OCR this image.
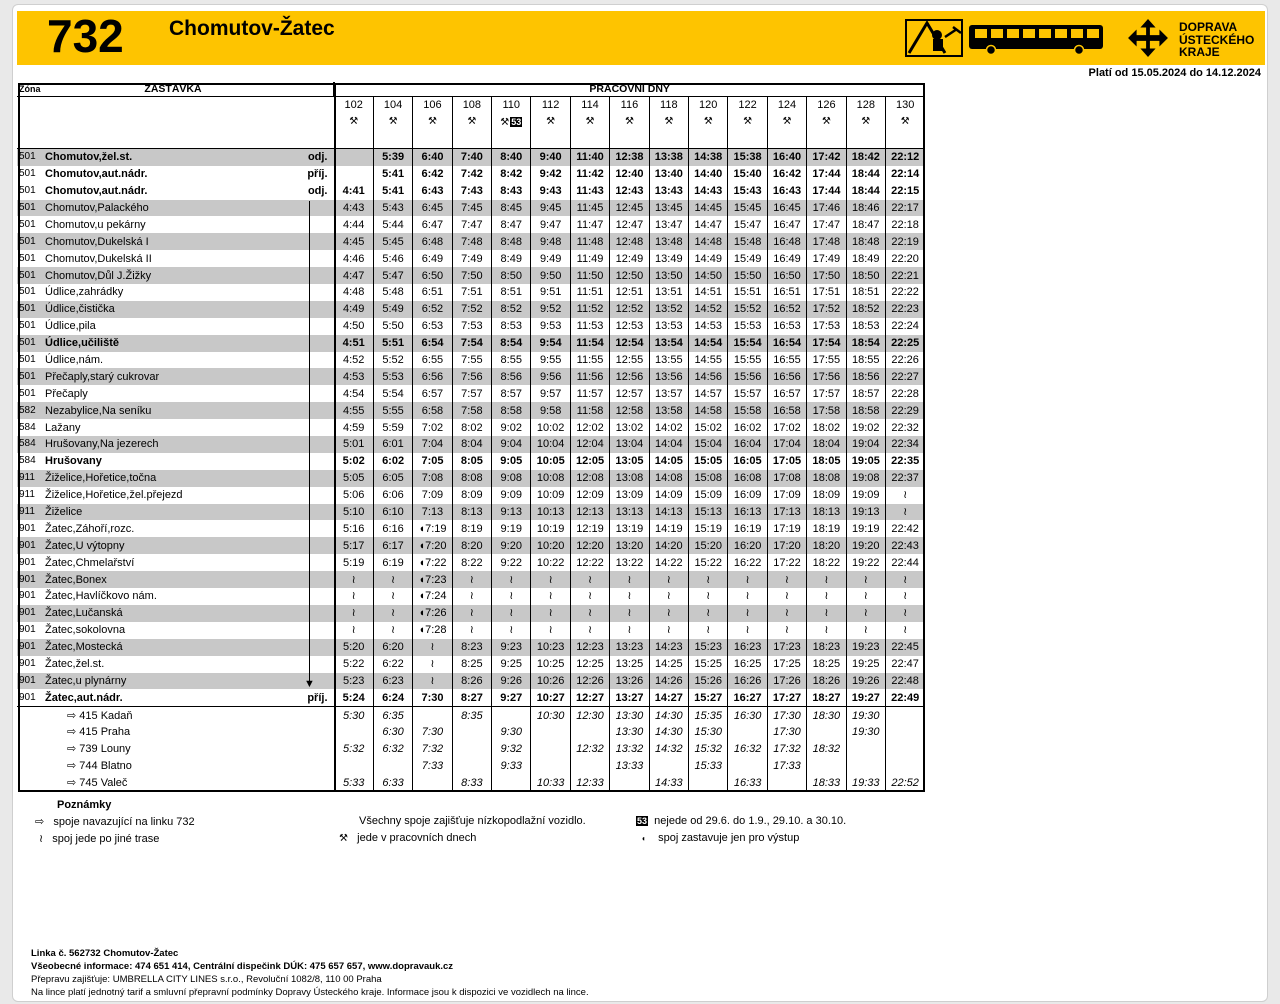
732 Chomutov-Žatec	DOPRAVA
ÚSTECKÉHO
KRAJE
Platí od 15.05.2024 do 14.12.2024
Zóna	ZASTÁVKA		PRACOVNÍ DNY														
			102	104	106	108	110	112	114	116	118	120	122	124	126	128	130
			⚒	⚒	⚒	⚒	⚒ 53	⚒	⚒	⚒	⚒	⚒	⚒	⚒	⚒	⚒	⚒
501	Chomutov,žel.st.	odj.		5:39	6:40	7:40	8:40	9:40	11:40	12:38	13:38	14:38	15:38	16:40	17:42	18:42	22:12
501	Chomutov,aut.nádr.	příj.		5:41	6:42	7:42	8:42	9:42	11:42	12:40	13:40	14:40	15:40	16:42	17:44	18:44	22:14
501	Chomutov,aut.nádr.	odj.	4:41	5:41	6:43	7:43	8:43	9:43	11:43	12:43	13:43	14:43	15:43	16:43	17:44	18:44	22:15
501	Chomutov,Palackého		4:43	5:43	6:45	7:45	8:45	9:45	11:45	12:45	13:45	14:45	15:45	16:45	17:46	18:46	22:17
501	Chomutov,u pekárny		4:44	5:44	6:47	7:47	8:47	9:47	11:47	12:47	13:47	14:47	15:47	16:47	17:47	18:47	22:18
501	Chomutov,Dukelská I		4:45	5:45	6:48	7:48	8:48	9:48	11:48	12:48	13:48	14:48	15:48	16:48	17:48	18:48	22:19
501	Chomutov,Dukelská II		4:46	5:46	6:49	7:49	8:49	9:49	11:49	12:49	13:49	14:49	15:49	16:49	17:49	18:49	22:20
501	Chomutov,Důl J.Žižky		4:47	5:47	6:50	7:50	8:50	9:50	11:50	12:50	13:50	14:50	15:50	16:50	17:50	18:50	22:21
501	Údlice,zahrádky		4:48	5:48	6:51	7:51	8:51	9:51	11:51	12:51	13:51	14:51	15:51	16:51	17:51	18:51	22:22
501	Údlice,čistička		4:49	5:49	6:52	7:52	8:52	9:52	11:52	12:52	13:52	14:52	15:52	16:52	17:52	18:52	22:23
501	Údlice,pila		4:50	5:50	6:53	7:53	8:53	9:53	11:53	12:53	13:53	14:53	15:53	16:53	17:53	18:53	22:24
501	Údlice,učiliště		4:51	5:51	6:54	7:54	8:54	9:54	11:54	12:54	13:54	14:54	15:54	16:54	17:54	18:54	22:25
501	Údlice,nám.		4:52	5:52	6:55	7:55	8:55	9:55	11:55	12:55	13:55	14:55	15:55	16:55	17:55	18:55	22:26
501	Přečaply,starý cukrovar		4:53	5:53	6:56	7:56	8:56	9:56	11:56	12:56	13:56	14:56	15:56	16:56	17:56	18:56	22:27
501	Přečaply		4:54	5:54	6:57	7:57	8:57	9:57	11:57	12:57	13:57	14:57	15:57	16:57	17:57	18:57	22:28
582	Nezabylice,Na seníku		4:55	5:55	6:58	7:58	8:58	9:58	11:58	12:58	13:58	14:58	15:58	16:58	17:58	18:58	22:29
584	Lažany		4:59	5:59	7:02	8:02	9:02	10:02	12:02	13:02	14:02	15:02	16:02	17:02	18:02	19:02	22:32
584	Hrušovany,Na jezerech		5:01	6:01	7:04	8:04	9:04	10:04	12:04	13:04	14:04	15:04	16:04	17:04	18:04	19:04	22:34
584	Hrušovany		5:02	6:02	7:05	8:05	9:05	10:05	12:05	13:05	14:05	15:05	16:05	17:05	18:05	19:05	22:35
911	Žiželice,Hořetice,točna		5:05	6:05	7:08	8:08	9:08	10:08	12:08	13:08	14:08	15:08	16:08	17:08	18:08	19:08	22:37
911	Žiželice,Hořetice,žel.přejezd		5:06	6:06	7:09	8:09	9:09	10:09	12:09	13:09	14:09	15:09	16:09	17:09	18:09	19:09	≀
911	Žiželice		5:10	6:10	7:13	8:13	9:13	10:13	12:13	13:13	14:13	15:13	16:13	17:13	18:13	19:13	≀
901	Žatec,Záhoří,rozc.		5:16	6:16	◖7:19	8:19	9:19	10:19	12:19	13:19	14:19	15:19	16:19	17:19	18:19	19:19	22:42
901	Žatec,U výtopny		5:17	6:17	◖7:20	8:20	9:20	10:20	12:20	13:20	14:20	15:20	16:20	17:20	18:20	19:20	22:43
901	Žatec,Chmelařství		5:19	6:19	◖7:22	8:22	9:22	10:22	12:22	13:22	14:22	15:22	16:22	17:22	18:22	19:22	22:44
901	Žatec,Bonex		≀	≀	◖7:23	≀	≀	≀	≀	≀	≀	≀	≀	≀	≀	≀	≀
901	Žatec,Havlíčkovo nám.		≀	≀	◖7:24	≀	≀	≀	≀	≀	≀	≀	≀	≀	≀	≀	≀
901	Žatec,Lučanská		≀	≀	◖7:26	≀	≀	≀	≀	≀	≀	≀	≀	≀	≀	≀	≀
901	Žatec,sokolovna		≀	≀	◖7:28	≀	≀	≀	≀	≀	≀	≀	≀	≀	≀	≀	≀
901	Žatec,Mostecká		5:20	6:20	≀	8:23	9:23	10:23	12:23	13:23	14:23	15:23	16:23	17:23	18:23	19:23	22:45
901	Žatec,žel.st.		5:22	6:22	≀	8:25	9:25	10:25	12:25	13:25	14:25	15:25	16:25	17:25	18:25	19:25	22:47
901	Žatec,u plynárny		5:23	6:23	≀	8:26	9:26	10:26	12:26	13:26	14:26	15:26	16:26	17:26	18:26	19:26	22:48
901	Žatec,aut.nádr.	příj.	5:24	6:24	7:30	8:27	9:27	10:27	12:27	13:27	14:27	15:27	16:27	17:27	18:27	19:27	22:49
	⇨ 415 Kadaň		5:30	6:35		8:35		10:30	12:30	13:30	14:30	15:35	16:30	17:30	18:30	19:30	
	⇨ 415 Praha			6:30	7:30		9:30			13:30	14:30	15:30		17:30		19:30	
	⇨ 739 Louny		5:32	6:32	7:32		9:32		12:32	13:32	14:32	15:32	16:32	17:32	18:32		
	⇨ 744 Blatno				7:33		9:33			13:33		15:33		17:33			
	⇨ 745 Valeč		5:33	6:33		8:33		10:33	12:33		14:33		16:33		18:33	19:33	22:52
Poznámky
⇨ spoje navazující na linku 732
≀ spoj jede po jiné trase
Všechny spoje zajišťuje nízkopodlažní vozidlo.
⚒ jede v pracovních dnech
53 nejede od 29.6. do 1.9., 29.10. a 30.10.
◖ spoj zastavuje jen pro výstup
Linka č. 562732 Chomutov-Žatec
Všeobecné informace: 474 651 414, Centrální dispečink DÚK: 475 657 657, www.dopravauk.cz
Přepravu zajišťuje: UMBRELLA CITY LINES s.r.o., Revoluční 1082/8, 110 00 Praha
Na lince platí jednotný tarif a smluvní přepravní podmínky Dopravy Ústeckého kraje. Informace jsou k dispozici ve vozidlech na lince.
▼
